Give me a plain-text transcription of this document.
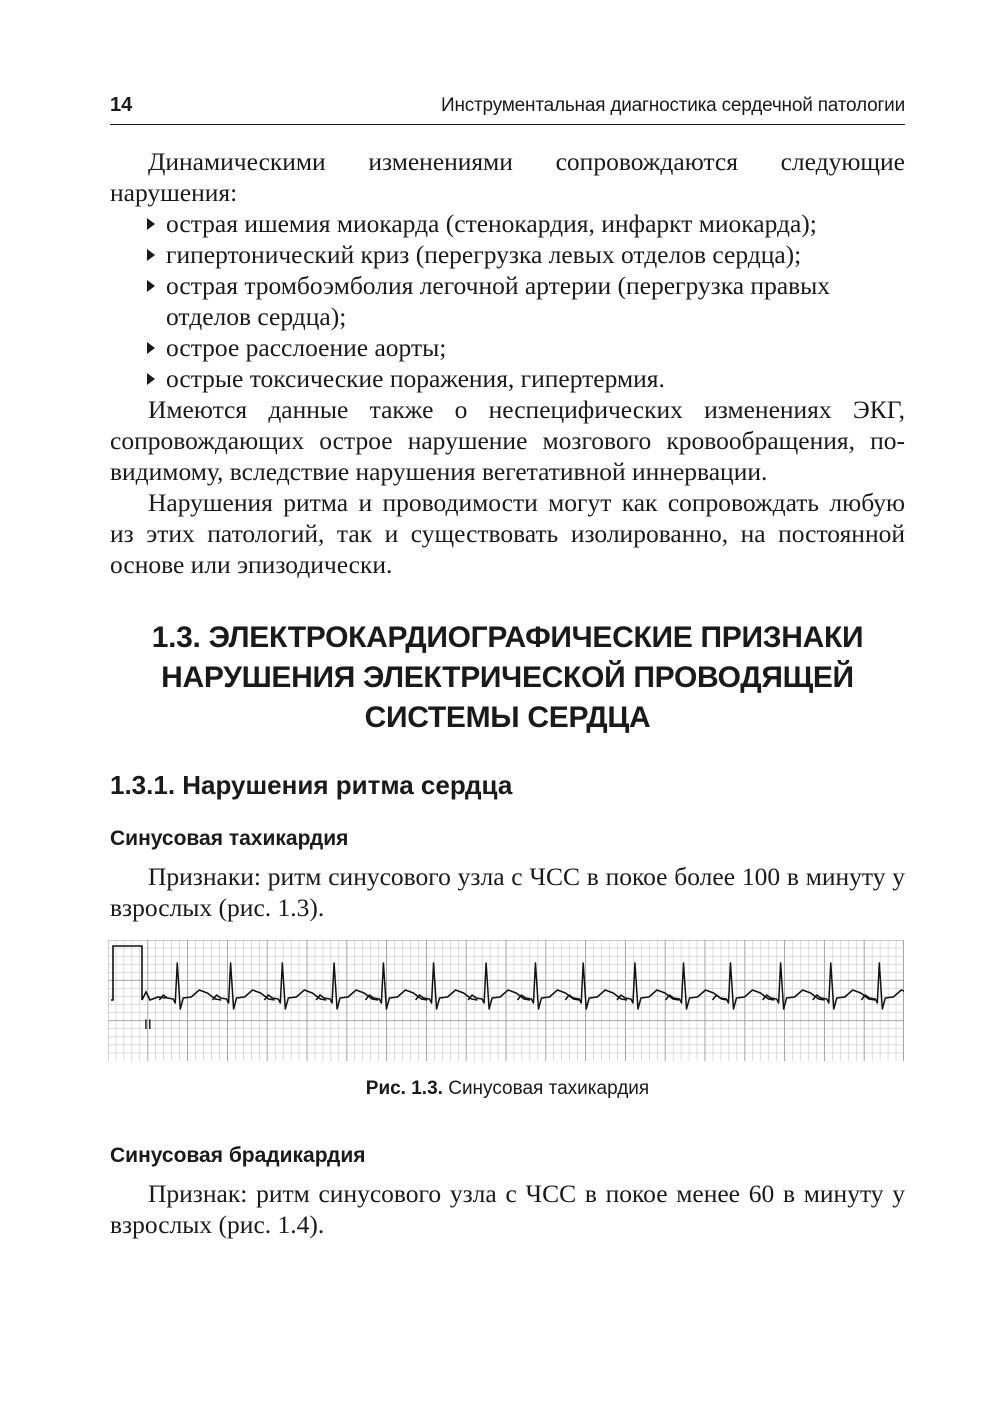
14	Инструментальная диагностика сердечной патологии

Динамическими изменениями сопровождаются следующие нарушения:

острая ишемия миокарда (стенокардия, инфаркт миокарда);
гипертонический криз (перегрузка левых отделов сердца);
острая тромбоэмболия легочной артерии (перегрузка правых отделов сердца);
острое расслоение аорты;
острые токсические поражения, гипертермия.

Имеются данные также о неспецифических изменениях ЭКГ, сопровождающих острое нарушение мозгового кровообращения, по-видимому, вследствие нарушения вегетативной иннервации.

Нарушения ритма и проводимости могут как сопровождать любую из этих патологий, так и существовать изолированно, на постоянной основе или эпизодически.

1.3. ЭЛЕКТРОКАРДИОГРАФИЧЕСКИЕ ПРИЗНАКИ
НАРУШЕНИЯ ЭЛЕКТРИЧЕСКОЙ ПРОВОДЯЩЕЙ
СИСТЕМЫ СЕРДЦА
1.3.1. Нарушения ритма сердца
Синусовая тахикардия

Признаки: ритм синусового узла с ЧСС в покое более 100 в минуту у взрослых (рис. 1.3).

II

Рис. 1.3. Синусовая тахикардия

Синусовая брадикардия

Признак: ритм синусового узла с ЧСС в покое менее 60 в минуту у взрослых (рис. 1.4).
